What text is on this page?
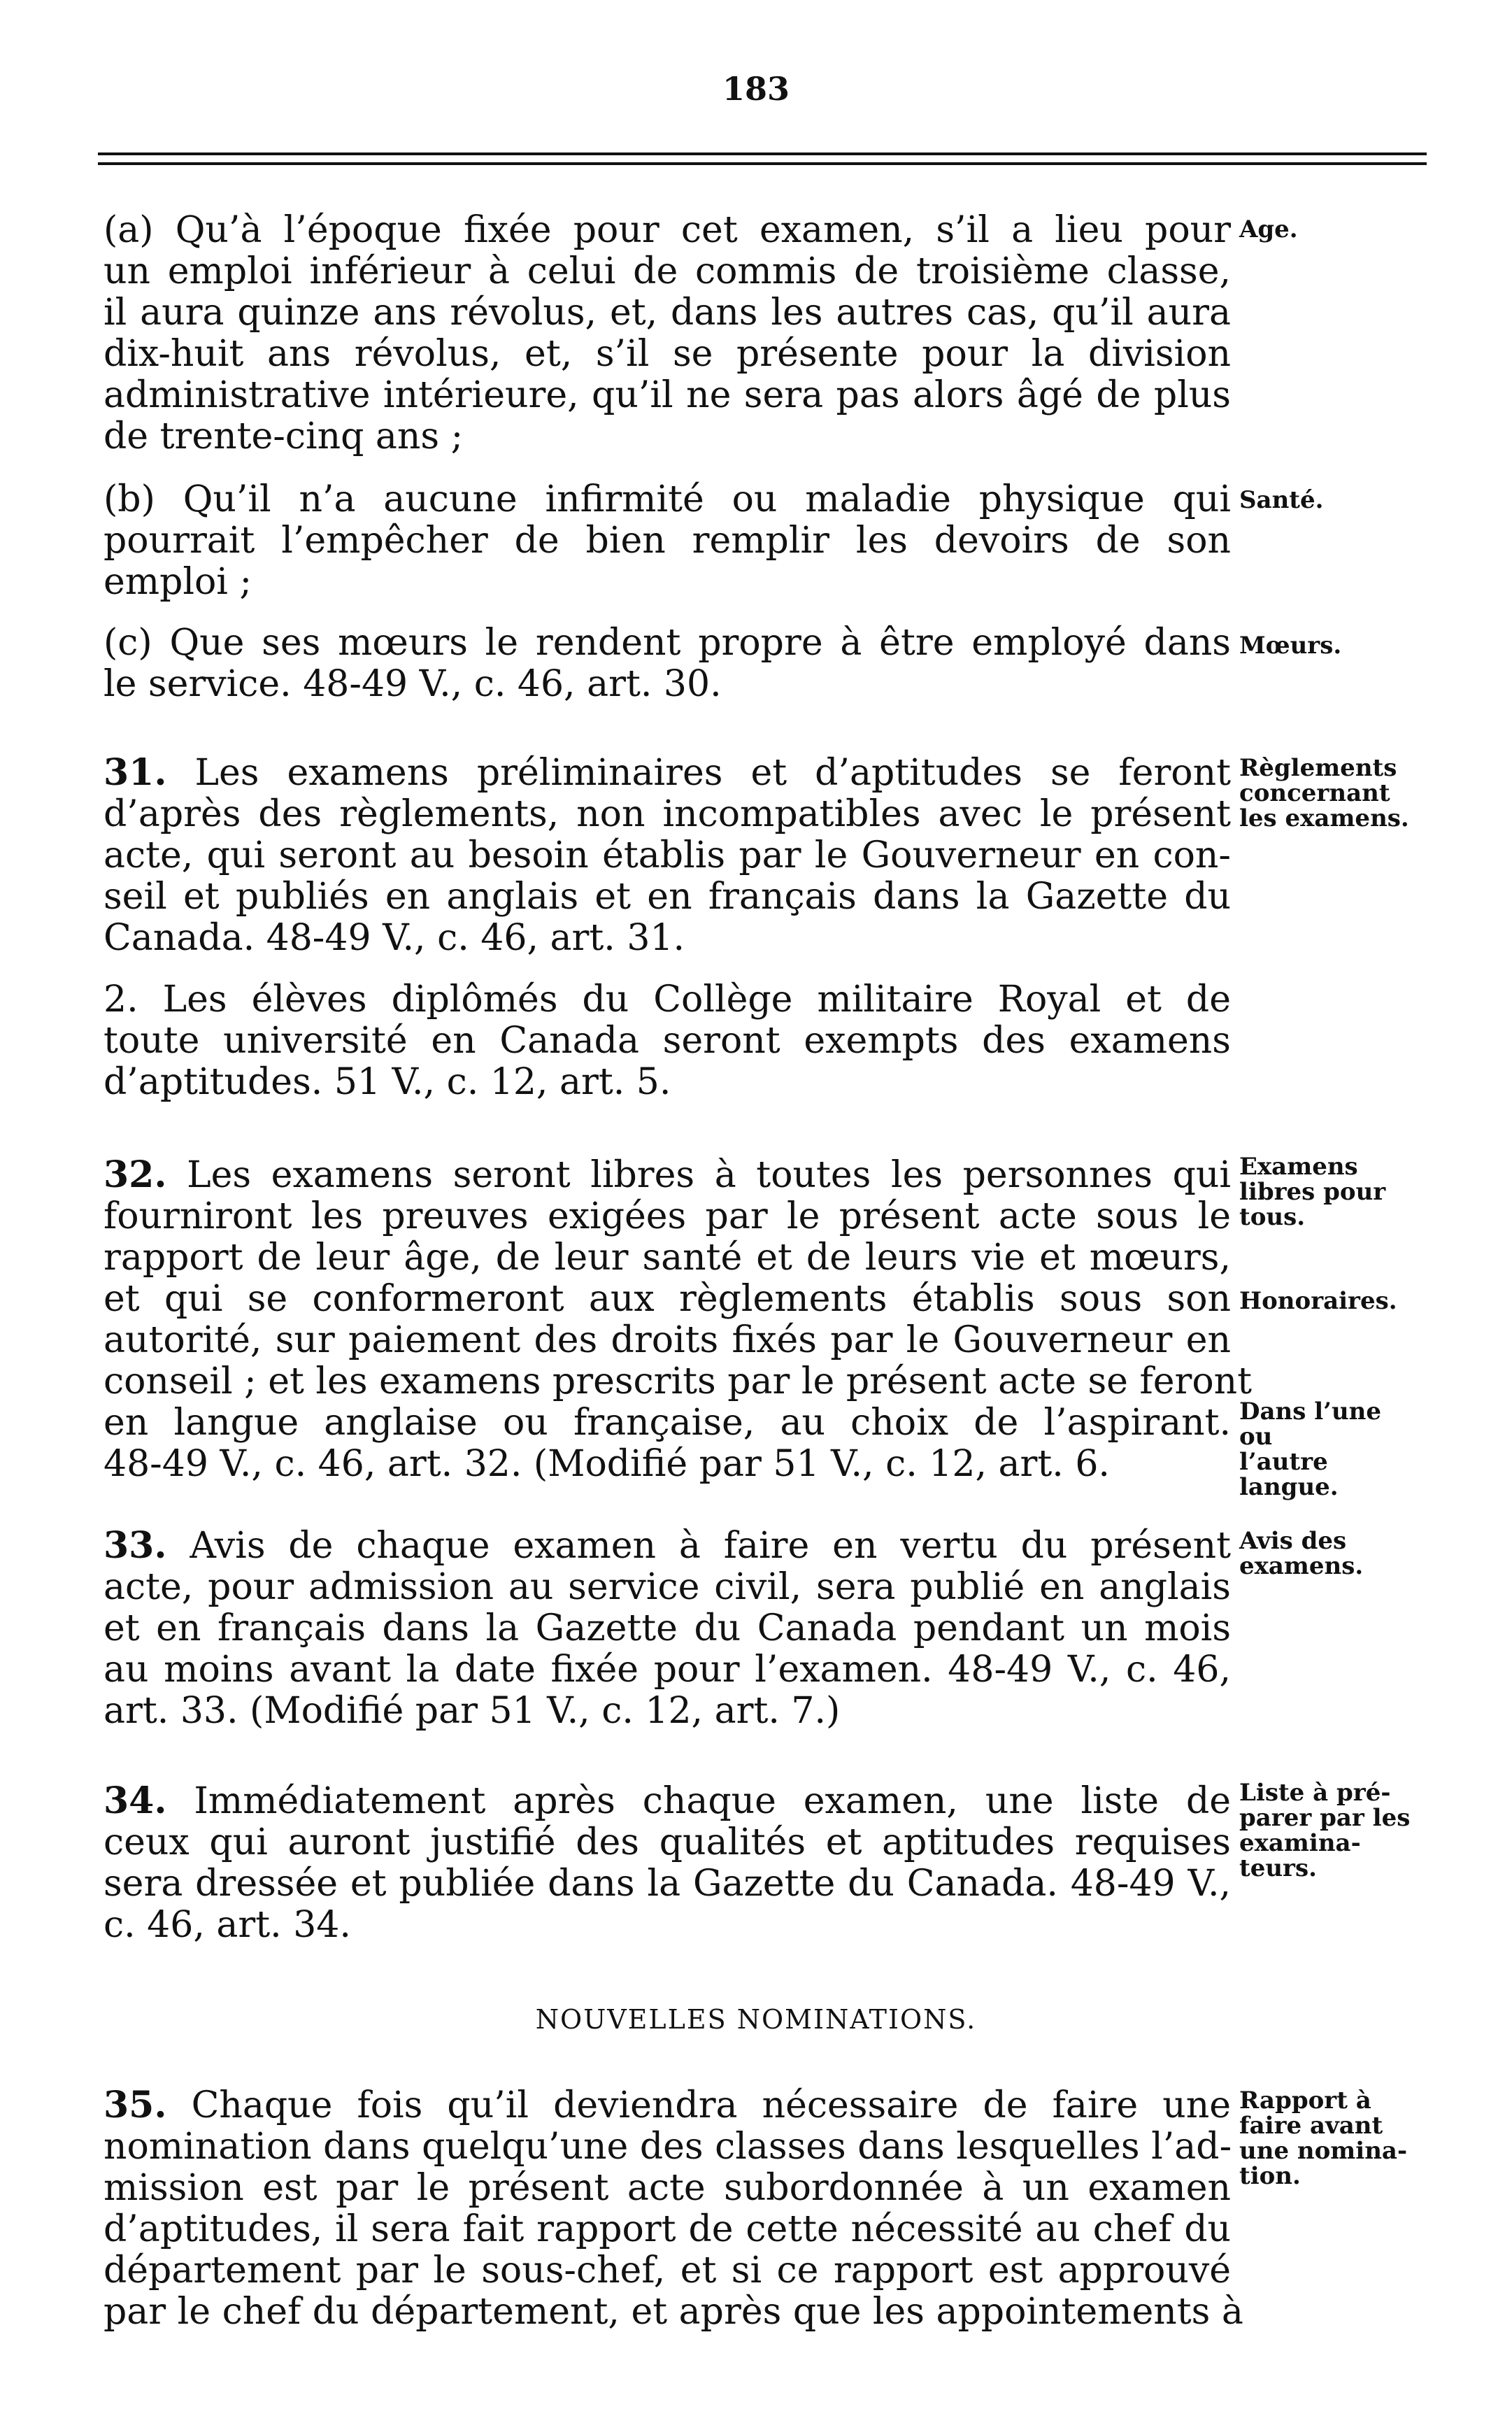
183
(a) Qu’à l’époque fixée pour cet examen, s’il a lieu pour
un emploi inférieur à celui de commis de troisième classe,
il aura quinze ans révolus, et, dans les autres cas, qu’il aura
dix-huit ans révolus, et, s’il se présente pour la division
administrative intérieure, qu’il ne sera pas alors âgé de plus
de trente-cinq ans ;
Age.
(b) Qu’il n’a aucune infirmité ou maladie physique qui
pourrait l’empêcher de bien remplir les devoirs de son
emploi ;
Santé.
(c) Que ses mœurs le rendent propre à être employé dans
le service. 48-49 V., c. 46, art. 30.
Mœurs.
31. Les examens préliminaires et d’aptitudes se feront
d’après des règlements, non incompatibles avec le présent
acte, qui seront au besoin établis par le Gouverneur en con-
seil et publiés en anglais et en français dans la Gazette du
Canada. 48-49 V., c. 46, art. 31.
Règlements
concernant
les examens.
2. Les élèves diplômés du Collège militaire Royal et de
toute université en Canada seront exempts des examens
d’aptitudes. 51 V., c. 12, art. 5.
32. Les examens seront libres à toutes les personnes qui
fourniront les preuves exigées par le présent acte sous le
rapport de leur âge, de leur santé et de leurs vie et mœurs,
et qui se conformeront aux règlements établis sous son
autorité, sur paiement des droits fixés par le Gouverneur en
conseil ; et les examens prescrits par le présent acte se feront
en langue anglaise ou française, au choix de l’aspirant.
48-49 V., c. 46, art. 32. (Modifié par 51 V., c. 12, art. 6.
Examens
libres pour
tous.
Honoraires.
Dans l’une ou
l’autre
langue.
33. Avis de chaque examen à faire en vertu du présent
acte, pour admission au service civil, sera publié en anglais
et en français dans la Gazette du Canada pendant un mois
au moins avant la date fixée pour l’examen. 48-49 V., c. 46,
art. 33. (Modifié par 51 V., c. 12, art. 7.)
Avis des
examens.
34. Immédiatement après chaque examen, une liste de
ceux qui auront justifié des qualités et aptitudes requises
sera dressée et publiée dans la Gazette du Canada. 48-49 V.,
c. 46, art. 34.
Liste à pré-
parer par les
examina-
teurs.
NOUVELLES NOMINATIONS.
35. Chaque fois qu’il deviendra nécessaire de faire une
nomination dans quelqu’une des classes dans lesquelles l’ad-
mission est par le présent acte subordonnée à un examen
d’aptitudes, il sera fait rapport de cette nécessité au chef du
département par le sous-chef, et si ce rapport est approuvé
par le chef du département, et après que les appointements à
Rapport à
faire avant
une nomina-
tion.
